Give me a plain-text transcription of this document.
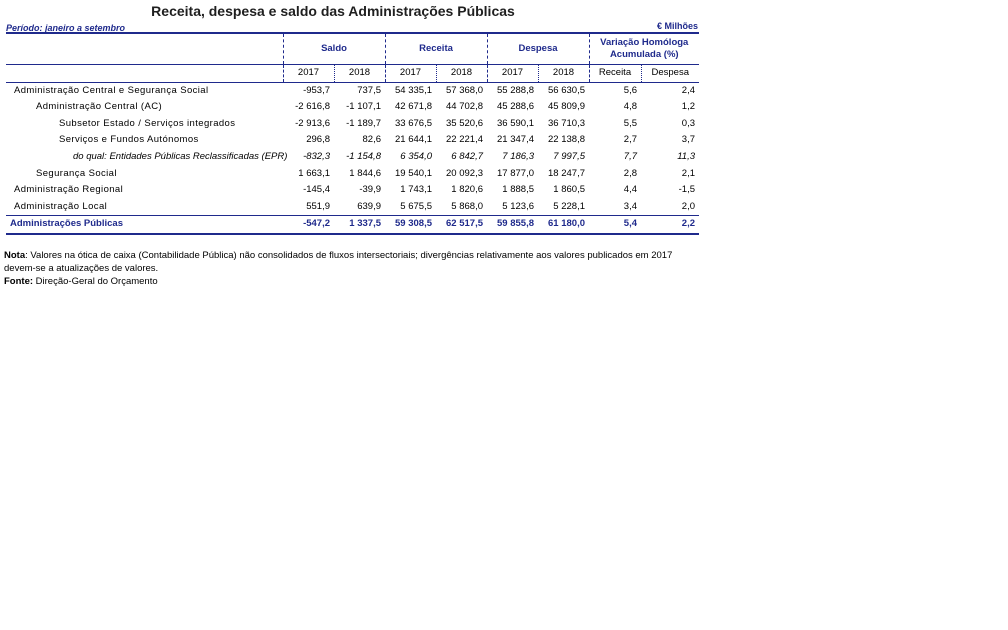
Receita, despesa e saldo das Administrações Públicas
Período: janeiro a setembro	€ Milhões
	Saldo		Receita		Despesa		Variação Homóloga Acumulada (%)	
	2017	2018	2017	2018	2017	2018	Receita	Despesa
Administração Central e Segurança Social	-953,7	737,5	54 335,1	57 368,0	55 288,8	56 630,5	5,6	2,4
Administração Central (AC)	-2 616,8	-1 107,1	42 671,8	44 702,8	45 288,6	45 809,9	4,8	1,2
Subsetor Estado / Serviços integrados	-2 913,6	-1 189,7	33 676,5	35 520,6	36 590,1	36 710,3	5,5	0,3
Serviços e Fundos Autónomos	296,8	82,6	21 644,1	22 221,4	21 347,4	22 138,8	2,7	3,7
do qual: Entidades Públicas Reclassificadas (EPR)	-832,3	-1 154,8	6 354,0	6 842,7	7 186,3	7 997,5	7,7	11,3
Segurança Social	1 663,1	1 844,6	19 540,1	20 092,3	17 877,0	18 247,7	2,8	2,1
Administração Regional	-145,4	-39,9	1 743,1	1 820,6	1 888,5	1 860,5	4,4	-1,5
Administração Local	551,9	639,9	5 675,5	5 868,0	5 123,6	5 228,1	3,4	2,0
Administrações Públicas	-547,2	1 337,5	59 308,5	62 517,5	59 855,8	61 180,0	5,4	2,2
Nota: Valores na ótica de caixa (Contabilidade Pública) não consolidados de fluxos intersectoriais; divergências relativamente aos valores publicados em 2017 devem-se a atualizações de valores.
Fonte: Direção-Geral do Orçamento
